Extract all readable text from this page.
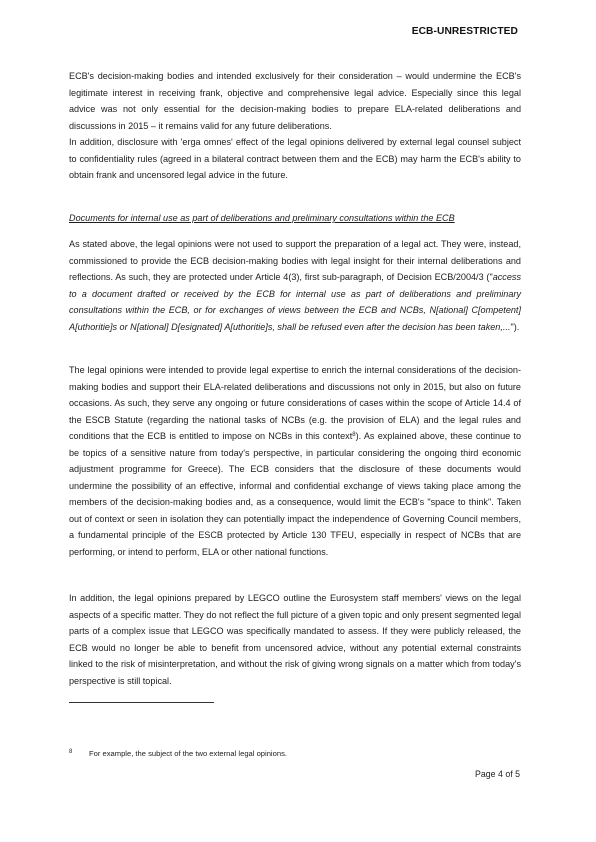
ECB-UNRESTRICTED

ECB's decision-making bodies and intended exclusively for their consideration – would undermine the ECB's legitimate interest in receiving frank, objective and comprehensive legal advice. Especially since this legal advice was not only essential for the decision-making bodies to prepare ELA-related deliberations and discussions in 2015 – it remains valid for any future deliberations.

In addition, disclosure with 'erga omnes' effect of the legal opinions delivered by external legal counsel subject to confidentiality rules (agreed in a bilateral contract between them and the ECB) may harm the ECB's ability to obtain frank and uncensored legal advice in the future.

Documents for internal use as part of deliberations and preliminary consultations within the ECB

As stated above, the legal opinions were not used to support the preparation of a legal act. They were, instead, commissioned to provide the ECB decision-making bodies with legal insight for their internal deliberations and reflections. As such, they are protected under Article 4(3), first sub-paragraph, of Decision ECB/2004/3 ("access to a document drafted or received by the ECB for internal use as part of deliberations and preliminary consultations within the ECB, or for exchanges of views between the ECB and NCBs, N[ational] C[ompetent] A[uthoritie]s or N[ational] D[esignated] A[uthoritie]s, shall be refused even after the decision has been taken,...").

The legal opinions were intended to provide legal expertise to enrich the internal considerations of the decision-making bodies and support their ELA-related deliberations and discussions not only in 2015, but also on future occasions. As such, they serve any ongoing or future considerations of cases within the scope of Article 14.4 of the ESCB Statute (regarding the national tasks of NCBs (e.g. the provision of ELA) and the legal rules and conditions that the ECB is entitled to impose on NCBs in this context$^8$). As explained above, these continue to be topics of a sensitive nature from today's perspective, in particular considering the ongoing third economic adjustment programme for Greece). The ECB considers that the disclosure of these documents would undermine the possibility of an effective, informal and confidential exchange of views taking place among the members of the decision-making bodies and, as a consequence, would limit the ECB's "space to think". Taken out of context or seen in isolation they can potentially impact the independence of Governing Council members, a fundamental principle of the ESCB protected by Article 130 TFEU, especially in respect of NCBs that are performing, or intend to perform, ELA or other national functions.

In addition, the legal opinions prepared by LEGCO outline the Eurosystem staff members' views on the legal aspects of a specific matter. They do not reflect the full picture of a given topic and only present segmented legal parts of a complex issue that LEGCO was specifically mandated to assess. If they were publicly released, the ECB would no longer be able to benefit from uncensored advice, without any potential external constraints linked to the risk of misinterpretation, and without the risk of giving wrong signals on a matter which from today's perspective is still topical.

8 For example, the subject of the two external legal opinions.
Page 4 of 5
